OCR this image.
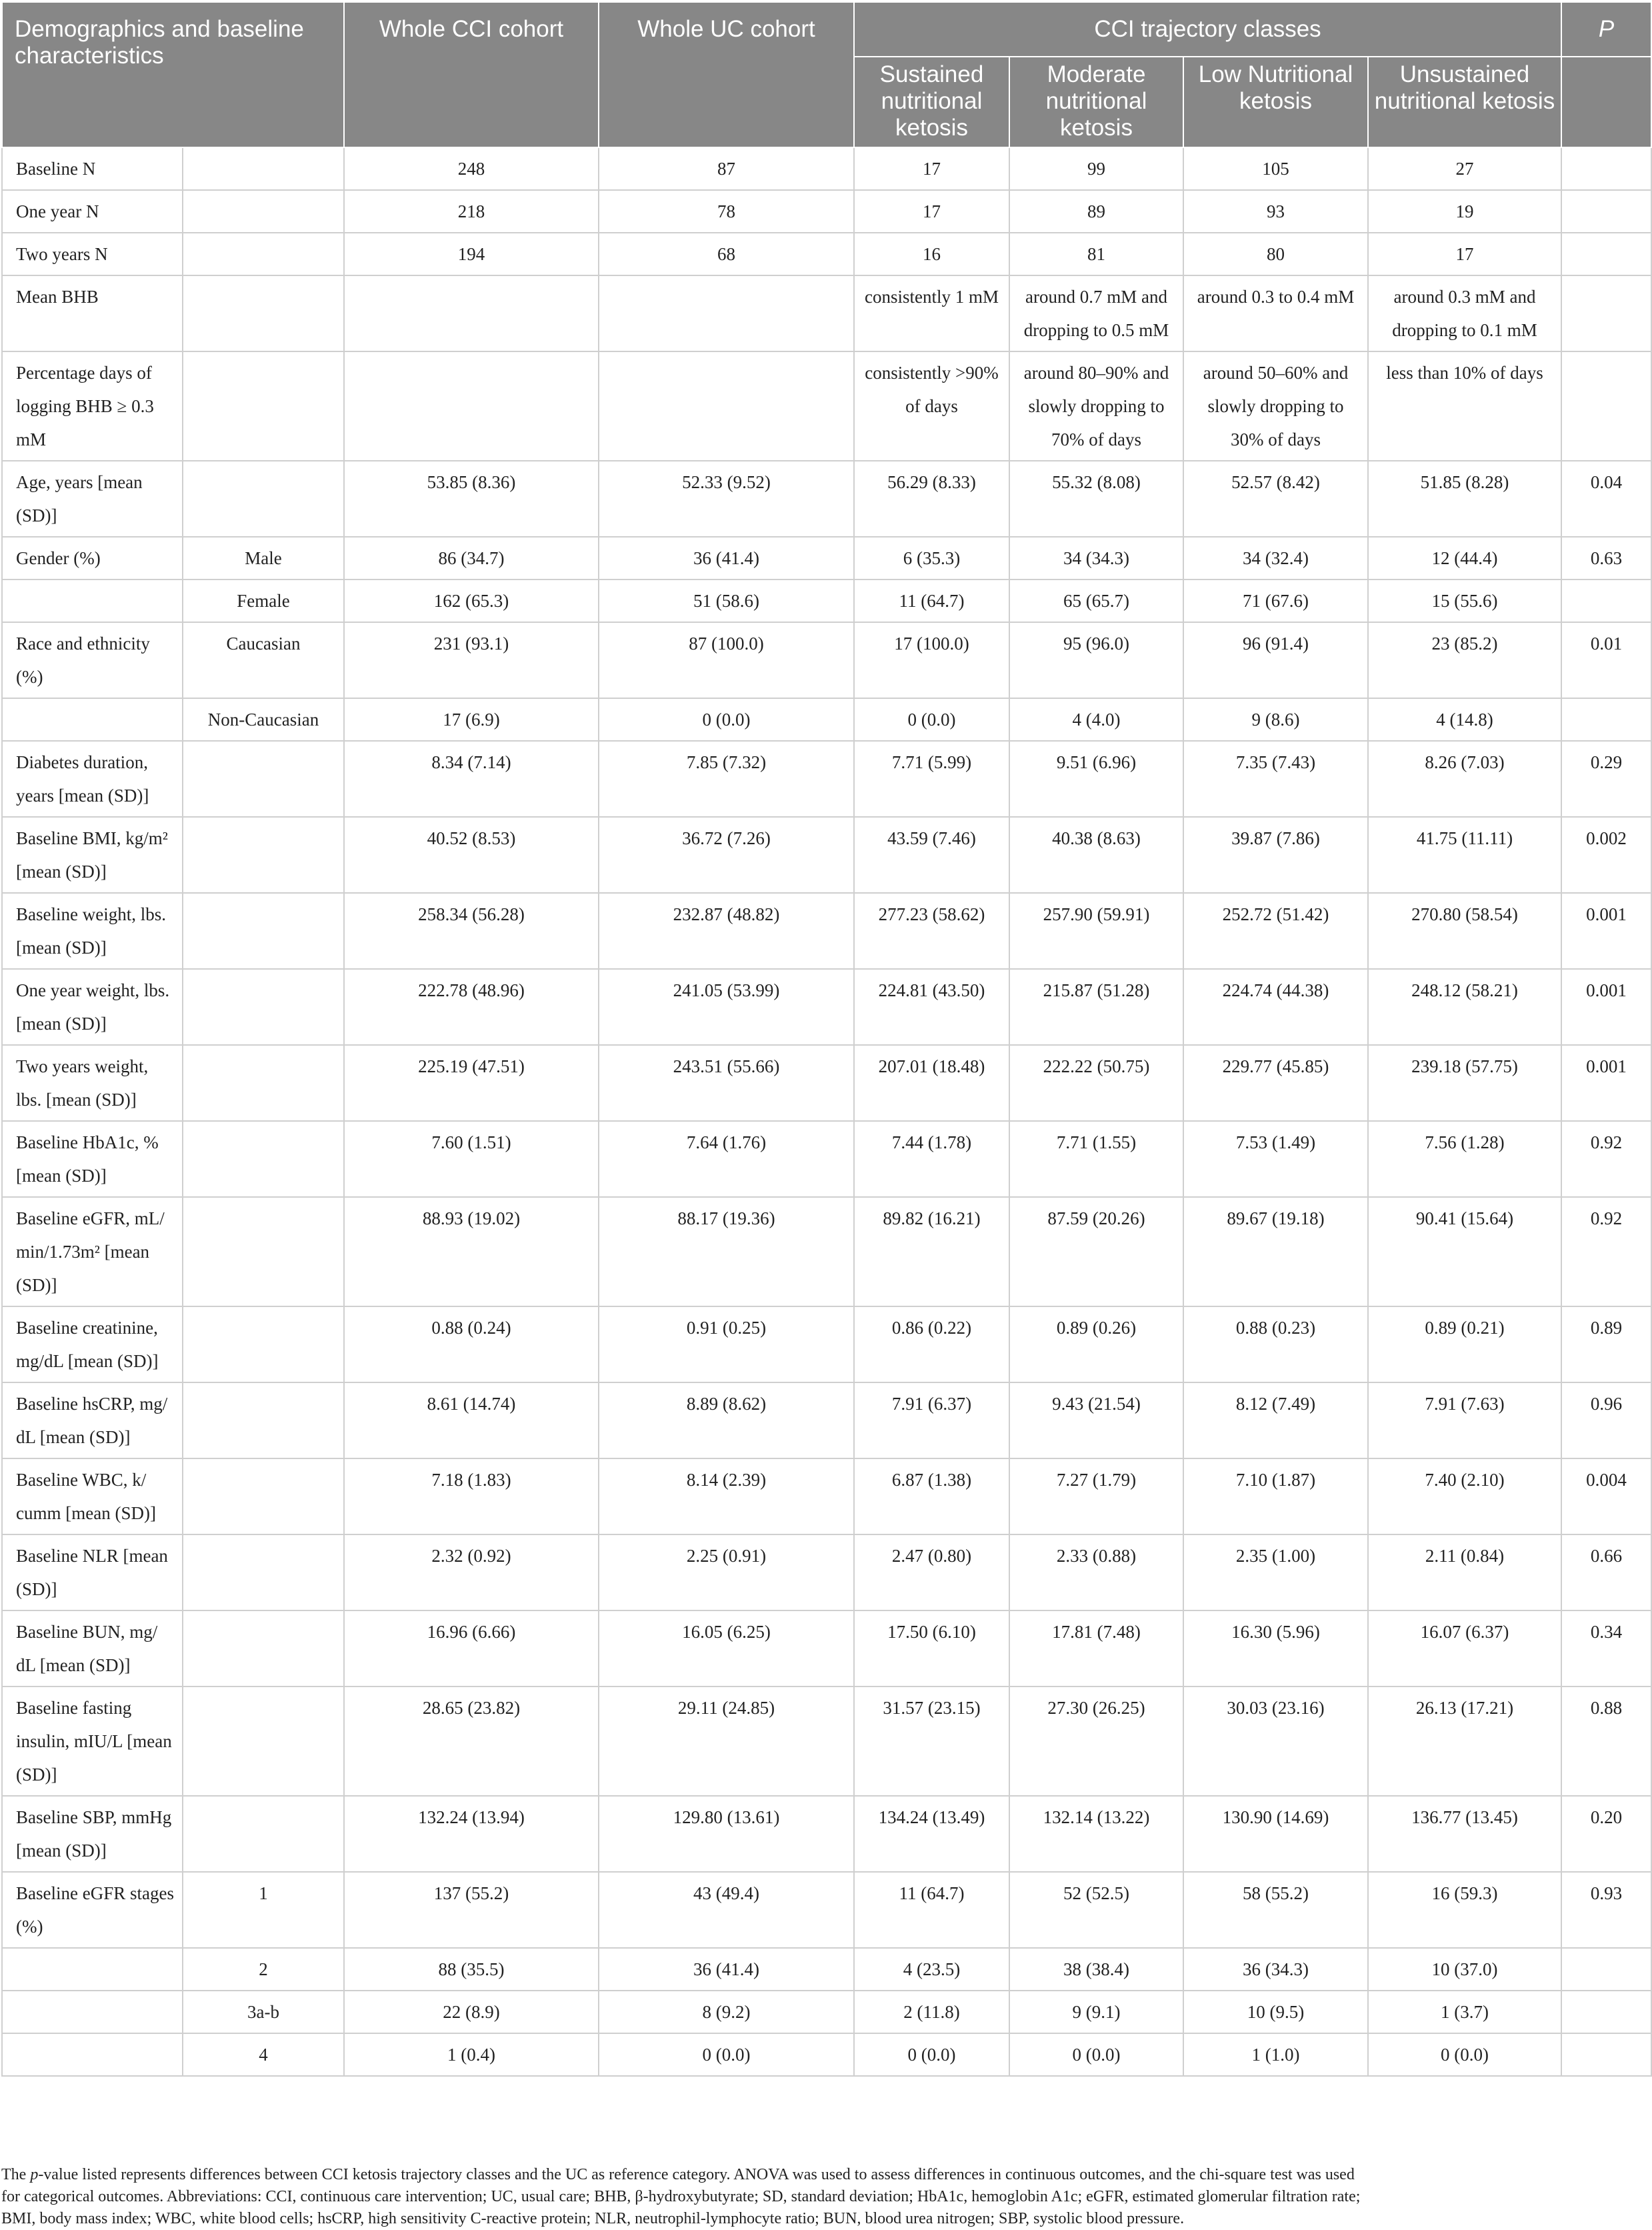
Demographics and baseline characteristics		Whole CCI cohort	Whole UC cohort	CCI trajectory classes				P
				Sustained nutritional ketosis	Moderate nutritional ketosis	Low Nutritional ketosis	Unsustained nutritional ketosis	
Baseline N		248	87	17	99	105	27	
One year N		218	78	17	89	93	19	
Two years N		194	68	16	81	80	17	
Mean BHB				consistently 1 mM	around 0.7 mM and dropping to 0.5 mM	around 0.3 to 0.4 mM	around 0.3 mM and dropping to 0.1 mM	
Percentage days of logging BHB ≥ 0.3 mM				consistently >90% of days	around 80–90% and slowly dropping to 70% of days	around 50–60% and slowly dropping to 30% of days	less than 10% of days	
Age, years [mean (SD)]		53.85 (8.36)	52.33 (9.52)	56.29 (8.33)	55.32 (8.08)	52.57 (8.42)	51.85 (8.28)	0.04
Gender (%)	Male	86 (34.7)	36 (41.4)	6 (35.3)	34 (34.3)	34 (32.4)	12 (44.4)	0.63
	Female	162 (65.3)	51 (58.6)	11 (64.7)	65 (65.7)	71 (67.6)	15 (55.6)	
Race and ethnicity (%)	Caucasian	231 (93.1)	87 (100.0)	17 (100.0)	95 (96.0)	96 (91.4)	23 (85.2)	0.01
	Non-Caucasian	17 (6.9)	0 (0.0)	0 (0.0)	4 (4.0)	9 (8.6)	4 (14.8)	
Diabetes duration, years [mean (SD)]		8.34 (7.14)	7.85 (7.32)	7.71 (5.99)	9.51 (6.96)	7.35 (7.43)	8.26 (7.03)	0.29
Baseline BMI, kg/m² [mean (SD)]		40.52 (8.53)	36.72 (7.26)	43.59 (7.46)	40.38 (8.63)	39.87 (7.86)	41.75 (11.11)	0.002
Baseline weight, lbs. [mean (SD)]		258.34 (56.28)	232.87 (48.82)	277.23 (58.62)	257.90 (59.91)	252.72 (51.42)	270.80 (58.54)	0.001
One year weight, lbs. [mean (SD)]		222.78 (48.96)	241.05 (53.99)	224.81 (43.50)	215.87 (51.28)	224.74 (44.38)	248.12 (58.21)	0.001
Two years weight, lbs. [mean (SD)]		225.19 (47.51)	243.51 (55.66)	207.01 (18.48)	222.22 (50.75)	229.77 (45.85)	239.18 (57.75)	0.001
Baseline HbA1c, % [mean (SD)]		7.60 (1.51)	7.64 (1.76)	7.44 (1.78)	7.71 (1.55)	7.53 (1.49)	7.56 (1.28)	0.92
Baseline eGFR, mL/ min/1.73m² [mean (SD)]		88.93 (19.02)	88.17 (19.36)	89.82 (16.21)	87.59 (20.26)	89.67 (19.18)	90.41 (15.64)	0.92
Baseline creatinine, mg/dL [mean (SD)]		0.88 (0.24)	0.91 (0.25)	0.86 (0.22)	0.89 (0.26)	0.88 (0.23)	0.89 (0.21)	0.89
Baseline hsCRP, mg/ dL [mean (SD)]		8.61 (14.74)	8.89 (8.62)	7.91 (6.37)	9.43 (21.54)	8.12 (7.49)	7.91 (7.63)	0.96
Baseline WBC, k/ cumm [mean (SD)]		7.18 (1.83)	8.14 (2.39)	6.87 (1.38)	7.27 (1.79)	7.10 (1.87)	7.40 (2.10)	0.004
Baseline NLR [mean (SD)]		2.32 (0.92)	2.25 (0.91)	2.47 (0.80)	2.33 (0.88)	2.35 (1.00)	2.11 (0.84)	0.66
Baseline BUN, mg/ dL [mean (SD)]		16.96 (6.66)	16.05 (6.25)	17.50 (6.10)	17.81 (7.48)	16.30 (5.96)	16.07 (6.37)	0.34
Baseline fasting insulin, mIU/L [mean (SD)]		28.65 (23.82)	29.11 (24.85)	31.57 (23.15)	27.30 (26.25)	30.03 (23.16)	26.13 (17.21)	0.88
Baseline SBP, mmHg [mean (SD)]		132.24 (13.94)	129.80 (13.61)	134.24 (13.49)	132.14 (13.22)	130.90 (14.69)	136.77 (13.45)	0.20
Baseline eGFR stages (%)	1	137 (55.2)	43 (49.4)	11 (64.7)	52 (52.5)	58 (55.2)	16 (59.3)	0.93
	2	88 (35.5)	36 (41.4)	4 (23.5)	38 (38.4)	36 (34.3)	10 (37.0)	
	3a-b	22 (8.9)	8 (9.2)	2 (11.8)	9 (9.1)	10 (9.5)	1 (3.7)	
	4	1 (0.4)	0 (0.0)	0 (0.0)	0 (0.0)	1 (1.0)	0 (0.0)	

The p-value listed represents differences between CCI ketosis trajectory classes and the UC as reference category. ANOVA was used to assess differences in continuous outcomes, and the chi-square test was used for categorical outcomes. Abbreviations: CCI, continuous care intervention; UC, usual care; BHB, β-hydroxybutyrate; SD, standard deviation; HbA1c, hemoglobin A1c; eGFR, estimated glomerular filtration rate; BMI, body mass index; WBC, white blood cells; hsCRP, high sensitivity C-reactive protein; NLR, neutrophil-lymphocyte ratio; BUN, blood urea nitrogen; SBP, systolic blood pressure.
